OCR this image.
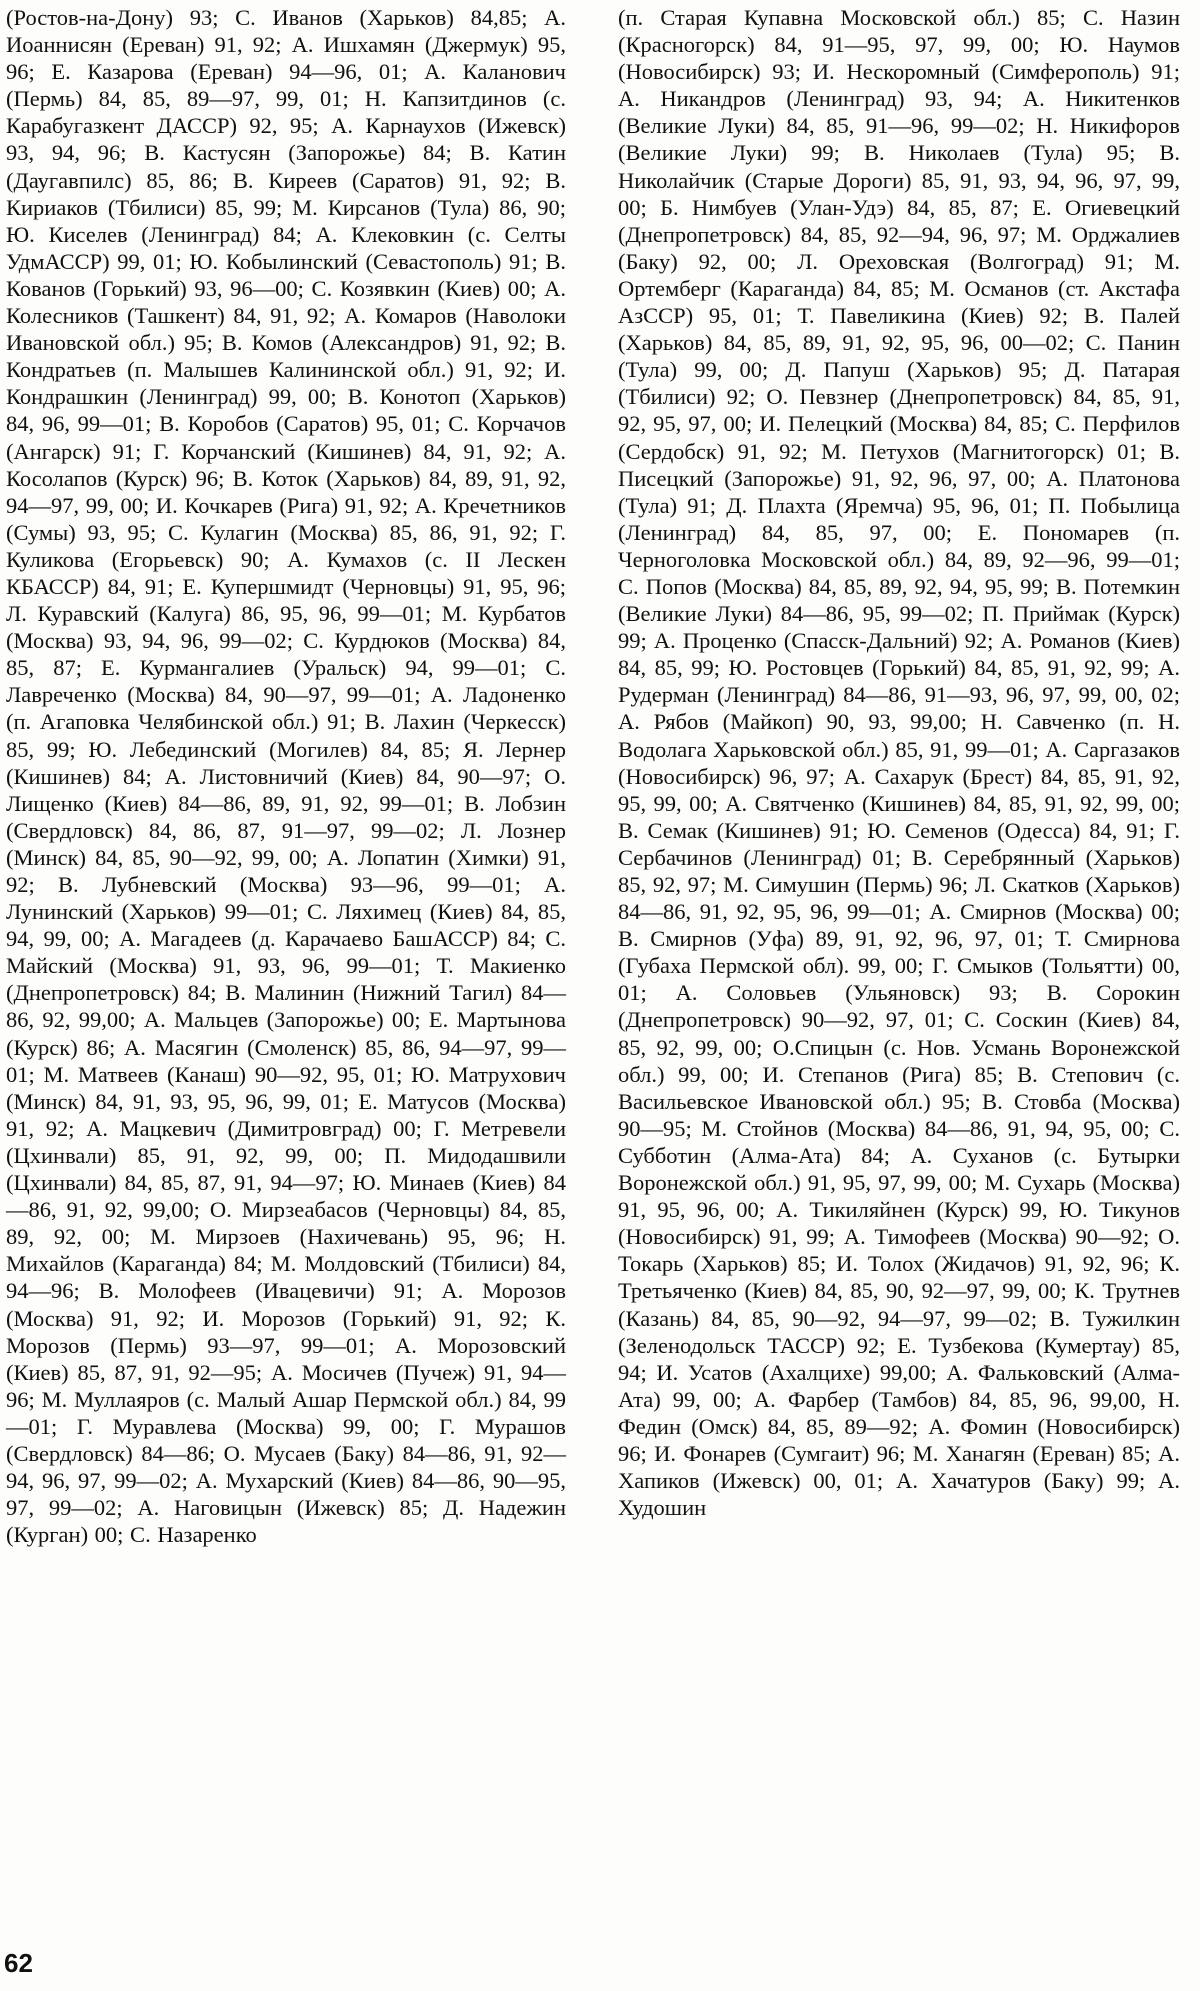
(Ростов-на-Дону) 93; С. Иванов (Харьков) 84,85; А. Иоаннисян (Ереван) 91, 92; А. Ишхамян (Джермук) 95, 96; Е. Казарова (Ереван) 94—96, 01; А. Каланович (Пермь) 84, 85, 89—97, 99, 01; Н. Капзитдинов (с. Карабугазкент ДАССР) 92, 95; А. Карнаухов (Ижевск) 93, 94, 96; В. Кастусян (Запорожье) 84; В. Катин (Даугавпилс) 85, 86; В. Киреев (Саратов) 91, 92; В. Кириаков (Тбилиси) 85, 99; М. Кирсанов (Тула) 86, 90; Ю. Киселев (Ленинград) 84; А. Клековкин (с. Селты УдмАССР) 99, 01; Ю. Кобылинский (Севастополь) 91; В. Кованов (Горький) 93, 96—00; С. Козявкин (Киев) 00; А. Колесников (Ташкент) 84, 91, 92; А. Комаров (Наволоки Ивановской обл.) 95; В. Комов (Александров) 91, 92; В. Кондратьев (п. Малышев Калининской обл.) 91, 92; И. Кондрашкин (Ленинград) 99, 00; В. Конотоп (Харьков) 84, 96, 99—01; В. Коробов (Саратов) 95, 01; С. Корчачов (Ангарск) 91; Г. Корчанский (Кишинев) 84, 91, 92; А. Косолапов (Курск) 96; В. Коток (Харьков) 84, 89, 91, 92, 94—97, 99, 00; И. Кочкарев (Рига) 91, 92; А. Кречетников (Сумы) 93, 95; С. Кулагин (Москва) 85, 86, 91, 92; Г. Куликова (Егорьевск) 90; А. Кумахов (с. II Лескен КБАССР) 84, 91; Е. Купершмидт (Черновцы) 91, 95, 96; Л. Куравский (Калуга) 86, 95, 96, 99—01; М. Курбатов (Москва) 93, 94, 96, 99—02; С. Курдюков (Москва) 84, 85, 87; Е. Курмангалиев (Уральск) 94, 99—01; С. Лавреченко (Москва) 84, 90—97, 99—01; А. Ладоненко (п. Агаповка Челябинской обл.) 91; В. Лахин (Черкесск) 85, 99; Ю. Лебединский (Могилев) 84, 85; Я. Лернер (Кишинев) 84; А. Листовничий (Киев) 84, 90—97; О. Лищенко (Киев) 84—86, 89, 91, 92, 99—01; В. Лобзин (Свердловск) 84, 86, 87, 91—97, 99—02; Л. Лознер (Минск) 84, 85, 90—92, 99, 00; А. Лопатин (Химки) 91, 92; В. Лубневский (Москва) 93—96, 99—01; А. Лунинский (Харьков) 99—01; С. Ляхимец (Киев) 84, 85, 94, 99, 00; А. Магадеев (д. Карачаево БашАССР) 84; С. Майский (Москва) 91, 93, 96, 99—01; Т. Макиенко (Днепропетровск) 84; В. Малинин (Нижний Тагил) 84—86, 92, 99,00; А. Мальцев (Запорожье) 00; Е. Мартынова (Курск) 86; А. Масягин (Смоленск) 85, 86, 94—97, 99—01; М. Матвеев (Канаш) 90—92, 95, 01; Ю. Матрухович (Минск) 84, 91, 93, 95, 96, 99, 01; Е. Матусов (Москва) 91, 92; А. Мацкевич (Димитровград) 00; Г. Метревели (Цхинвали) 85, 91, 92, 99, 00; П. Мидодашвили (Цхинвали) 84, 85, 87, 91, 94—97; Ю. Минаев (Киев) 84—86, 91, 92, 99,00; О. Мирзеабасов (Черновцы) 84, 85, 89, 92, 00; М. Мирзоев (Нахичевань) 95, 96; Н. Михайлов (Караганда) 84; М. Молдовский (Тбилиси) 84, 94—96; В. Молофеев (Ивацевичи) 91; А. Морозов (Москва) 91, 92; И. Морозов (Горький) 91, 92; К. Морозов (Пермь) 93—97, 99—01; А. Морозовский (Киев) 85, 87, 91, 92—95; А. Мосичев (Пучеж) 91, 94—96; М. Муллаяров (с. Малый Ашар Пермской обл.) 84, 99—01; Г. Муравлева (Москва) 99, 00; Г. Мурашов (Свердловск) 84—86; О. Мусаев (Баку) 84—86, 91, 92—94, 96, 97, 99—02; А. Мухарский (Киев) 84—86, 90—95, 97, 99—02; А. Наговицын (Ижевск) 85; Д. Надежин (Курган) 00; С. Назаренко

(п. Старая Купавна Московской обл.) 85; С. Назин (Красногорск) 84, 91—95, 97, 99, 00; Ю. Наумов (Новосибирск) 93; И. Нескоромный (Симферополь) 91; А. Никандров (Ленинград) 93, 94; А. Никитенков (Великие Луки) 84, 85, 91—96, 99—02; Н. Никифоров (Великие Луки) 99; В. Николаев (Тула) 95; В. Николайчик (Старые Дороги) 85, 91, 93, 94, 96, 97, 99, 00; Б. Нимбуев (Улан-Удэ) 84, 85, 87; Е. Огиевецкий (Днепропетровск) 84, 85, 92—94, 96, 97; М. Орджалиев (Баку) 92, 00; Л. Ореховская (Волгоград) 91; М. Ортемберг (Караганда) 84, 85; М. Османов (ст. Акстафа АзССР) 95, 01; Т. Павеликина (Киев) 92; В. Палей (Харьков) 84, 85, 89, 91, 92, 95, 96, 00—02; С. Панин (Тула) 99, 00; Д. Папуш (Харьков) 95; Д. Патарая (Тбилиси) 92; О. Певзнер (Днепропетровск) 84, 85, 91, 92, 95, 97, 00; И. Пелецкий (Москва) 84, 85; С. Перфилов (Сердобск) 91, 92; М. Петухов (Магнитогорск) 01; В. Писецкий (Запорожье) 91, 92, 96, 97, 00; А. Платонова (Тула) 91; Д. Плахта (Яремча) 95, 96, 01; П. Побылица (Ленинград) 84, 85, 97, 00; Е. Пономарев (п. Черноголовка Московской обл.) 84, 89, 92—96, 99—01; С. Попов (Москва) 84, 85, 89, 92, 94, 95, 99; В. Потемкин (Великие Луки) 84—86, 95, 99—02; П. Приймак (Курск) 99; А. Проценко (Спасск-Дальний) 92; А. Романов (Киев) 84, 85, 99; Ю. Ростовцев (Горький) 84, 85, 91, 92, 99; А. Рудерман (Ленинград) 84—86, 91—93, 96, 97, 99, 00, 02; А. Рябов (Майкоп) 90, 93, 99,00; Н. Савченко (п. Н. Водолага Харьковской обл.) 85, 91, 99—01; А. Саргазаков (Новосибирск) 96, 97; А. Сахарук (Брест) 84, 85, 91, 92, 95, 99, 00; А. Святченко (Кишинев) 84, 85, 91, 92, 99, 00; В. Семак (Кишинев) 91; Ю. Семенов (Одесса) 84, 91; Г. Сербачинов (Ленинград) 01; В. Серебрянный (Харьков) 85, 92, 97; М. Симушин (Пермь) 96; Л. Скатков (Харьков) 84—86, 91, 92, 95, 96, 99—01; А. Смирнов (Москва) 00; В. Смирнов (Уфа) 89, 91, 92, 96, 97, 01; Т. Смирнова (Губаха Пермской обл). 99, 00; Г. Смыков (Тольятти) 00, 01; А. Соловьев (Ульяновск) 93; В. Сорокин (Днепропетровск) 90—92, 97, 01; С. Соскин (Киев) 84, 85, 92, 99, 00; О.Спицын (с. Нов. Усмань Воронежской обл.) 99, 00; И. Степанов (Рига) 85; В. Степович (с. Васильевское Ивановской обл.) 95; В. Стовба (Москва) 90—95; М. Стойнов (Москва) 84—86, 91, 94, 95, 00; С. Субботин (Алма-Ата) 84; А. Суханов (с. Бутырки Воронежской обл.) 91, 95, 97, 99, 00; М. Сухарь (Москва) 91, 95, 96, 00; А. Тикиляйнен (Курск) 99, Ю. Тикунов (Новосибирск) 91, 99; А. Тимофеев (Москва) 90—92; О. Токарь (Харьков) 85; И. Толох (Жидачов) 91, 92, 96; К. Третьяченко (Киев) 84, 85, 90, 92—97, 99, 00; К. Трутнев (Казань) 84, 85, 90—92, 94—97, 99—02; В. Тужилкин (Зеленодольск ТАССР) 92; Е. Тузбекова (Кумертау) 85, 94; И. Усатов (Ахалцихе) 99,00; А. Фальковский (Алма-Ата) 99, 00; А. Фарбер (Тамбов) 84, 85, 96, 99,00, Н. Федин (Омск) 84, 85, 89—92; А. Фомин (Новосибирск) 96; И. Фонарев (Сумгаит) 96; М. Ханагян (Ереван) 85; А. Хапиков (Ижевск) 00, 01; А. Хачатуров (Баку) 99; А. Худошин

62
